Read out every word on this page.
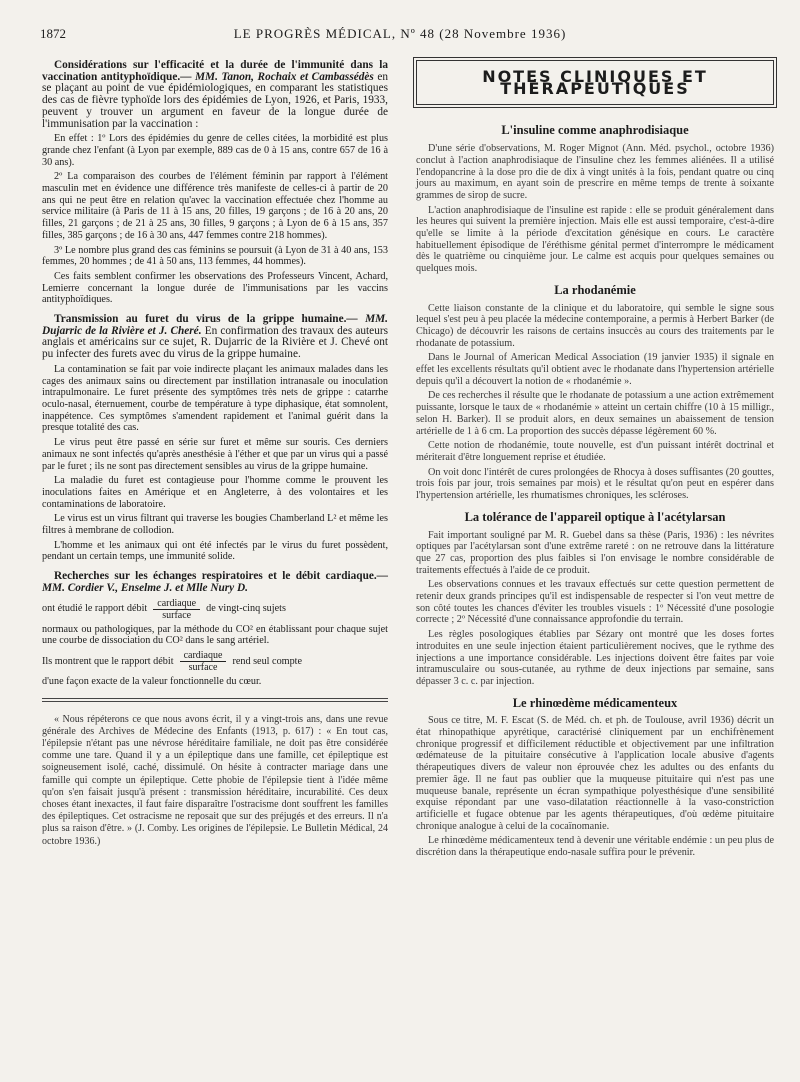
1872	LE PROGRÈS MÉDICAL, Nº 48 (28 Novembre 1936)

Considérations sur l'efficacité et la durée de l'immunité dans la vaccination antityphoïdique.— MM. Tanon, Rochaix et Cambassédès en se plaçant au point de vue épidémiologiques, en comparant les statistiques des cas de fièvre typhoïde lors des épidémies de Lyon, 1926, et Paris, 1933, peuvent y trouver un argument en faveur de la longue durée de l'immunisation par la vaccination :

En effet : 1º Lors des épidémies du genre de celles citées, la morbidité est plus grande chez l'enfant (à Lyon par exemple, 889 cas de 0 à 15 ans, contre 657 de 16 à 30 ans).

2º La comparaison des courbes de l'élément féminin par rapport à l'élément masculin met en évidence une différence très manifeste de celles-ci à partir de 20 ans qui ne peut être en relation qu'avec la vaccination effectuée chez l'homme au service militaire (à Paris de 11 à 15 ans, 20 filles, 19 garçons ; de 16 à 20 ans, 20 filles, 21 garçons ; de 21 à 25 ans, 30 filles, 9 garçons ; à Lyon de 6 à 15 ans, 357 filles, 385 garçons ; de 16 à 30 ans, 447 femmes contre 218 hommes).

3º Le nombre plus grand des cas féminins se poursuit (à Lyon de 31 à 40 ans, 153 femmes, 20 hommes ; de 41 à 50 ans, 113 femmes, 44 hommes).

Ces faits semblent confirmer les observations des Professeurs Vincent, Achard, Lemierre concernant la longue durée de l'immunisations par les vaccins antityphoïdiques.

Transmission au furet du virus de la grippe humaine.— MM. Dujarric de la Rivière et J. Cheré. En confirmation des travaux des auteurs anglais et américains sur ce sujet, R. Dujarric de la Rivière et J. Chevé ont pu infecter des furets avec du virus de la grippe humaine.

La contamination se fait par voie indirecte plaçant les animaux malades dans les cages des animaux sains ou directement par instillation intranasale ou inoculation intrapulmonaire. Le furet présente des symptômes très nets de grippe : catarrhe oculo-nasal, éternuement, courbe de température à type diphasique, état somnolent, inappétence. Ces symptômes s'amendent rapidement et l'animal guérit dans la presque totalité des cas.

Le virus peut être passé en série sur furet et même sur souris. Ces derniers animaux ne sont infectés qu'après anesthésie à l'éther et que par un virus qui a passé par le furet ; ils ne sont pas directement sensibles au virus de la grippe humaine.

La maladie du furet est contagieuse pour l'homme comme le prouvent les inoculations faites en Amérique et en Angleterre, à des volontaires et les contaminations de laboratoire.

Le virus est un virus filtrant qui traverse les bougies Chamberland L² et même les filtres à membrane de collodion.

L'homme et les animaux qui ont été infectés par le virus du furet possèdent, pendant un certain temps, une immunité solide.

Recherches sur les échanges respiratoires et le débit cardiaque.— MM. Cordier V., Enselme J. et Mlle Nury D.

ont étudié le rapport débit $\frac{\text{cardiaque}}{\text{surface}}$ de vingt-cinq sujets

normaux ou pathologiques, par la méthode du CO² en établissant pour chaque sujet une courbe de dissociation du CO² dans le sang artériel.

Ils montrent que le rapport débit $\frac{\text{cardiaque}}{\text{surface}}$ rend seul compte

d'une façon exacte de la valeur fonctionnelle du cœur.

« Nous répéterons ce que nous avons écrit, il y a vingt-trois ans, dans une revue générale des Archives de Médecine des Enfants (1913, p. 617) : « En tout cas, l'épilepsie n'étant pas une névrose héréditaire familiale, ne doit pas être considérée comme une tare. Quand il y a un épileptique dans une famille, cet épileptique est soigneusement isolé, caché, dissimulé. On hésite à contracter mariage dans une famille qui compte un épileptique. Cette phobie de l'épilepsie tient à l'idée même qu'on s'en faisait jusqu'à présent : transmission héréditaire, incurabilité. Ces deux choses étant inexactes, il faut faire disparaître l'ostracisme dont souffrent les familles des épileptiques. Cet ostracisme ne reposait que sur des préjugés et des erreurs. Il n'a plus sa raison d'être. » (J. Comby. Les origines de l'épilepsie. Le Bulletin Médical, 24 octobre 1936.)

NOTES CLINIQUES ET THÉRAPEUTIQUES
L'insuline comme anaphrodisiaque

D'une série d'observations, M. Roger Mignot (Ann. Méd. psychol., octobre 1936) conclut à l'action anaphrodisiaque de l'insuline chez les femmes aliénées. Il a utilisé l'endopancrine à la dose pro die de dix à vingt unités à la fois, pendant quatre ou cinq jours au maximum, en ayant soin de prescrire en même temps de trente à soixante grammes de sirop de sucre.

L'action anaphrodisiaque de l'insuline est rapide : elle se produit généralement dans les heures qui suivent la première injection. Mais elle est aussi temporaire, c'est-à-dire qu'elle se limite à la période d'excitation génésique en cours. Le caractère habituellement épisodique de l'éréthisme génital permet d'interrompre le médicament dès le quatrième ou cinquième jour. Le calme est acquis pour quelques semaines ou quelques mois.

La rhodanémie

Cette liaison constante de la clinique et du laboratoire, qui semble le signe sous lequel s'est peu à peu placée la médecine contemporaine, a permis à Herbert Barker (de Chicago) de découvrir les raisons de certains insuccès au cours des traitements par le rhodanate de potassium.

Dans le Journal of American Medical Association (19 janvier 1935) il signale en effet les excellents résultats qu'il obtient avec le rhodanate dans l'hypertension artérielle depuis qu'il a découvert la notion de « rhodanémie ».

De ces recherches il résulte que le rhodanate de potassium a une action extrêmement puissante, lorsque le taux de « rhodanémie » atteint un certain chiffre (10 à 15 milligr., selon H. Barker). Il se produit alors, en deux semaines un abaissement de tension artérielle de 1 à 6 cm. La proportion des succès dépasse légèrement 60 %.

Cette notion de rhodanémie, toute nouvelle, est d'un puissant intérêt doctrinal et mériterait d'être longuement reprise et étudiée.

On voit donc l'intérêt de cures prolongées de Rhocya à doses suffisantes (20 gouttes, trois fois par jour, trois semaines par mois) et le résultat qu'on peut en espérer dans l'hypertension artérielle, les rhumatismes chroniques, les scléroses.

La tolérance de l'appareil optique à l'acétylarsan

Fait important souligné par M. R. Guebel dans sa thèse (Paris, 1936) : les névrites optiques par l'acétylarsan sont d'une extrême rareté : on ne retrouve dans la littérature que 27 cas, proportion des plus faibles si l'on envisage le nombre considérable de traitements effectués à l'aide de ce produit.

Les observations connues et les travaux effectués sur cette question permettent de retenir deux grands principes qu'il est indispensable de respecter si l'on veut mettre de son côté toutes les chances d'éviter les troubles visuels : 1º Nécessité d'une posologie correcte ; 2º Nécessité d'une connaissance approfondie du terrain.

Les règles posologiques établies par Sézary ont montré que les doses fortes introduites en une seule injection étaient particulièrement nocives, que le rythme des injections a une importance considérable. Les injections doivent être faites par voie intramusculaire ou sous-cutanée, au rythme de deux injections par semaine, sans dépasser 3 c. c. par injection.

Le rhinœdème médicamenteux

Sous ce titre, M. F. Escat (S. de Méd. ch. et ph. de Toulouse, avril 1936) décrit un état rhinopathique apyrétique, caractérisé cliniquement par un enchifrènement chronique progressif et difficilement réductible et objectivement par une infiltration œdémateuse de la pituitaire consécutive à l'application locale abusive d'agents thérapeutiques divers de valeur non éprouvée chez les adultes ou des enfants du premier âge. Il ne faut pas oublier que la muqueuse pituitaire qui n'est pas une muqueuse banale, représente un écran sympathique polyesthésique d'une sensibilité exquise répondant par une vaso-dilatation réactionnelle à la vaso-constriction artificielle et fugace obtenue par les agents thérapeutiques, d'où œdème pituitaire chronique analogue à celui de la cocaïnomanie.

Le rhinœdème médicamenteux tend à devenir une véritable endémie : un peu plus de discrétion dans la thérapeutique endo-nasale suffira pour le prévenir.
